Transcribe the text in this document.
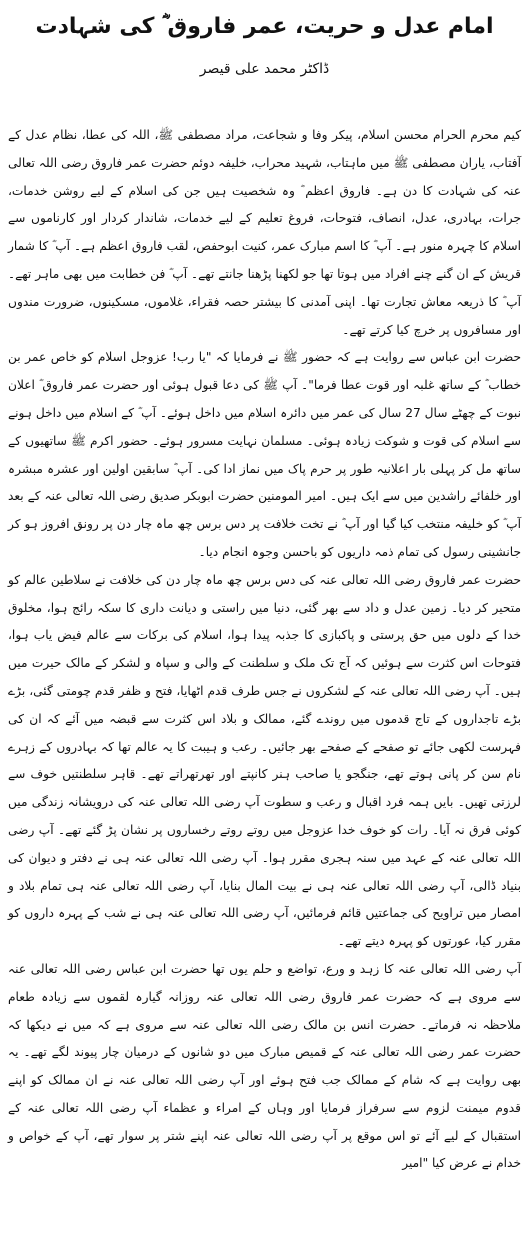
امام عدل و حریت، عمر فاروق ؓ کی شہادت
ڈاکٹر محمد علی قیصر

کیم محرم الحرام محسن اسلام، پیکر وفا و شجاعت، مراد مصطفی ﷺ، اللہ کی عطا، نظام عدل کے آفتاب، یاران مصطفی ﷺ میں ماہتاب، شہید محراب، خلیفہ دوئم حضرت عمر فاروق رضی اللہ تعالی عنہ کی شہادت کا دن ہے۔ فاروق اعظم ؓ وہ شخصیت ہیں جن کی اسلام کے لیے روشن خدمات، جرات، بہادری، عدل، انصاف، فتوحات، فروغ تعلیم کے لیے خدمات، شاندار کردار اور کارناموں سے اسلام کا چہرہ منور ہے۔ آپ ؓ کا اسم مبارک عمر، کنیت ابوحفص، لقب فاروق اعظم ہے۔ آپ ؓ کا شمار قریش کے ان گنے چنے افراد میں ہوتا تھا جو لکھنا پڑھنا جانتے تھے۔ آپ ؓ فن خطابت میں بھی ماہر تھے۔ آپ ؓ کا ذریعہ معاش تجارت تھا۔ اپنی آمدنی کا بیشتر حصہ فقراء، غلاموں، مسکینوں، ضرورت مندوں اور مسافروں پر خرچ کیا کرتے تھے۔

حضرت ابن عباس سے روایت ہے کہ حضور ﷺ نے فرمایا کہ "یا رب! عزوجل اسلام کو خاص عمر بن خطاب ؓ کے ساتھ غلبہ اور قوت عطا فرما"۔ آپ ﷺ کی دعا قبول ہوئی اور حضرت عمر فاروق ؓ اعلان نبوت کے چھٹے سال 27 سال کی عمر میں دائرہ اسلام میں داخل ہوئے۔ آپ ؓ کے اسلام میں داخل ہونے سے اسلام کی قوت و شوکت زیادہ ہوئی۔ مسلمان نہایت مسرور ہوئے۔ حضور اکرم ﷺ ساتھیوں کے ساتھ مل کر پہلی بار اعلانیہ طور پر حرم پاک میں نماز ادا کی۔ آپ ؓ سابقین اولین اور عشرہ مبشرہ اور خلفائے راشدین میں سے ایک ہیں۔ امیر المومنین حضرت ابوبکر صدیق رضی اللہ تعالی عنہ کے بعد آپ ؓ کو خلیفہ منتخب کیا گیا اور آپ ؓ نے تخت خلافت پر دس برس چھ ماہ چار دن پر رونق افروز ہو کر جانشینی رسول کی تمام ذمہ داریوں کو باحسن وجوہ انجام دیا۔

حضرت عمر فاروق رضی اللہ تعالی عنہ کی دس برس چھ ماہ چار دن کی خلافت نے سلاطین عالم کو متحیر کر دیا۔ زمین عدل و داد سے بھر گئی، دنیا میں راستی و دیانت داری کا سکہ رائج ہوا، مخلوق خدا کے دلوں میں حق پرستی و پاکبازی کا جذبہ پیدا ہوا، اسلام کی برکات سے عالم فیض یاب ہوا، فتوحات اس کثرت سے ہوئیں کہ آج تک ملک و سلطنت کے والی و سپاہ و لشکر کے مالک حیرت میں ہیں۔ آپ رضی اللہ تعالی عنہ کے لشکروں نے جس طرف قدم اٹھایا، فتح و ظفر قدم چومتی گئی، بڑے بڑے تاجداروں کے تاج قدموں میں روندے گئے، ممالک و بلاد اس کثرت سے قبضہ میں آئے کہ ان کی فہرست لکھی جائے تو صفحے کے صفحے بھر جائیں۔ رعب و ہیبت کا یہ عالم تھا کہ بہادروں کے زہرے نام سن کر پانی ہوتے تھے، جنگجو یا صاحب ہنر کانپتے اور تھرتھراتے تھے۔ قاہر سلطنتیں خوف سے لرزتی تھیں۔ بایں ہمہ فرد اقبال و رعب و سطوت آپ رضی اللہ تعالی عنہ کی درویشانہ زندگی میں کوئی فرق نہ آیا۔ رات کو خوف خدا عزوجل میں روتے روتے رخساروں پر نشان پڑ گئے تھے۔ آپ رضی اللہ تعالی عنہ کے عہد میں سنہ ہجری مقرر ہوا۔ آپ رضی اللہ تعالی عنہ ہی نے دفتر و دیوان کی بنیاد ڈالی، آپ رضی اللہ تعالی عنہ ہی نے بیت المال بنایا، آپ رضی اللہ تعالی عنہ ہی تمام بلاد و امصار میں تراویح کی جماعتیں قائم فرمائیں، آپ رضی اللہ تعالی عنہ ہی نے شب کے پہرہ داروں کو مقرر کیا، عورتوں کو پہرہ دیتے تھے۔

آپ رضی اللہ تعالی عنہ کا زہد و ورع، تواضع و حلم یوں تھا حضرت ابن عباس رضی اللہ تعالی عنہ سے مروی ہے کہ حضرت عمر فاروق رضی اللہ تعالی عنہ روزانہ گیارہ لقموں سے زیادہ طعام ملاحظہ نہ فرماتے۔ حضرت انس بن مالک رضی اللہ تعالی عنہ سے مروی ہے کہ میں نے دیکھا کہ حضرت عمر رضی اللہ تعالی عنہ کے قمیص مبارک میں دو شانوں کے درمیان چار پیوند لگے تھے۔ یہ بھی روایت ہے کہ شام کے ممالک جب فتح ہوئے اور آپ رضی اللہ تعالی عنہ نے ان ممالک کو اپنے قدوم میمنت لزوم سے سرفراز فرمایا اور وہاں کے امراء و عظماء آپ رضی اللہ تعالی عنہ کے استقبال کے لیے آئے تو اس موقع پر آپ رضی اللہ تعالی عنہ اپنے شتر پر سوار تھے، آپ کے خواص و خدام نے عرض کیا "امیر
